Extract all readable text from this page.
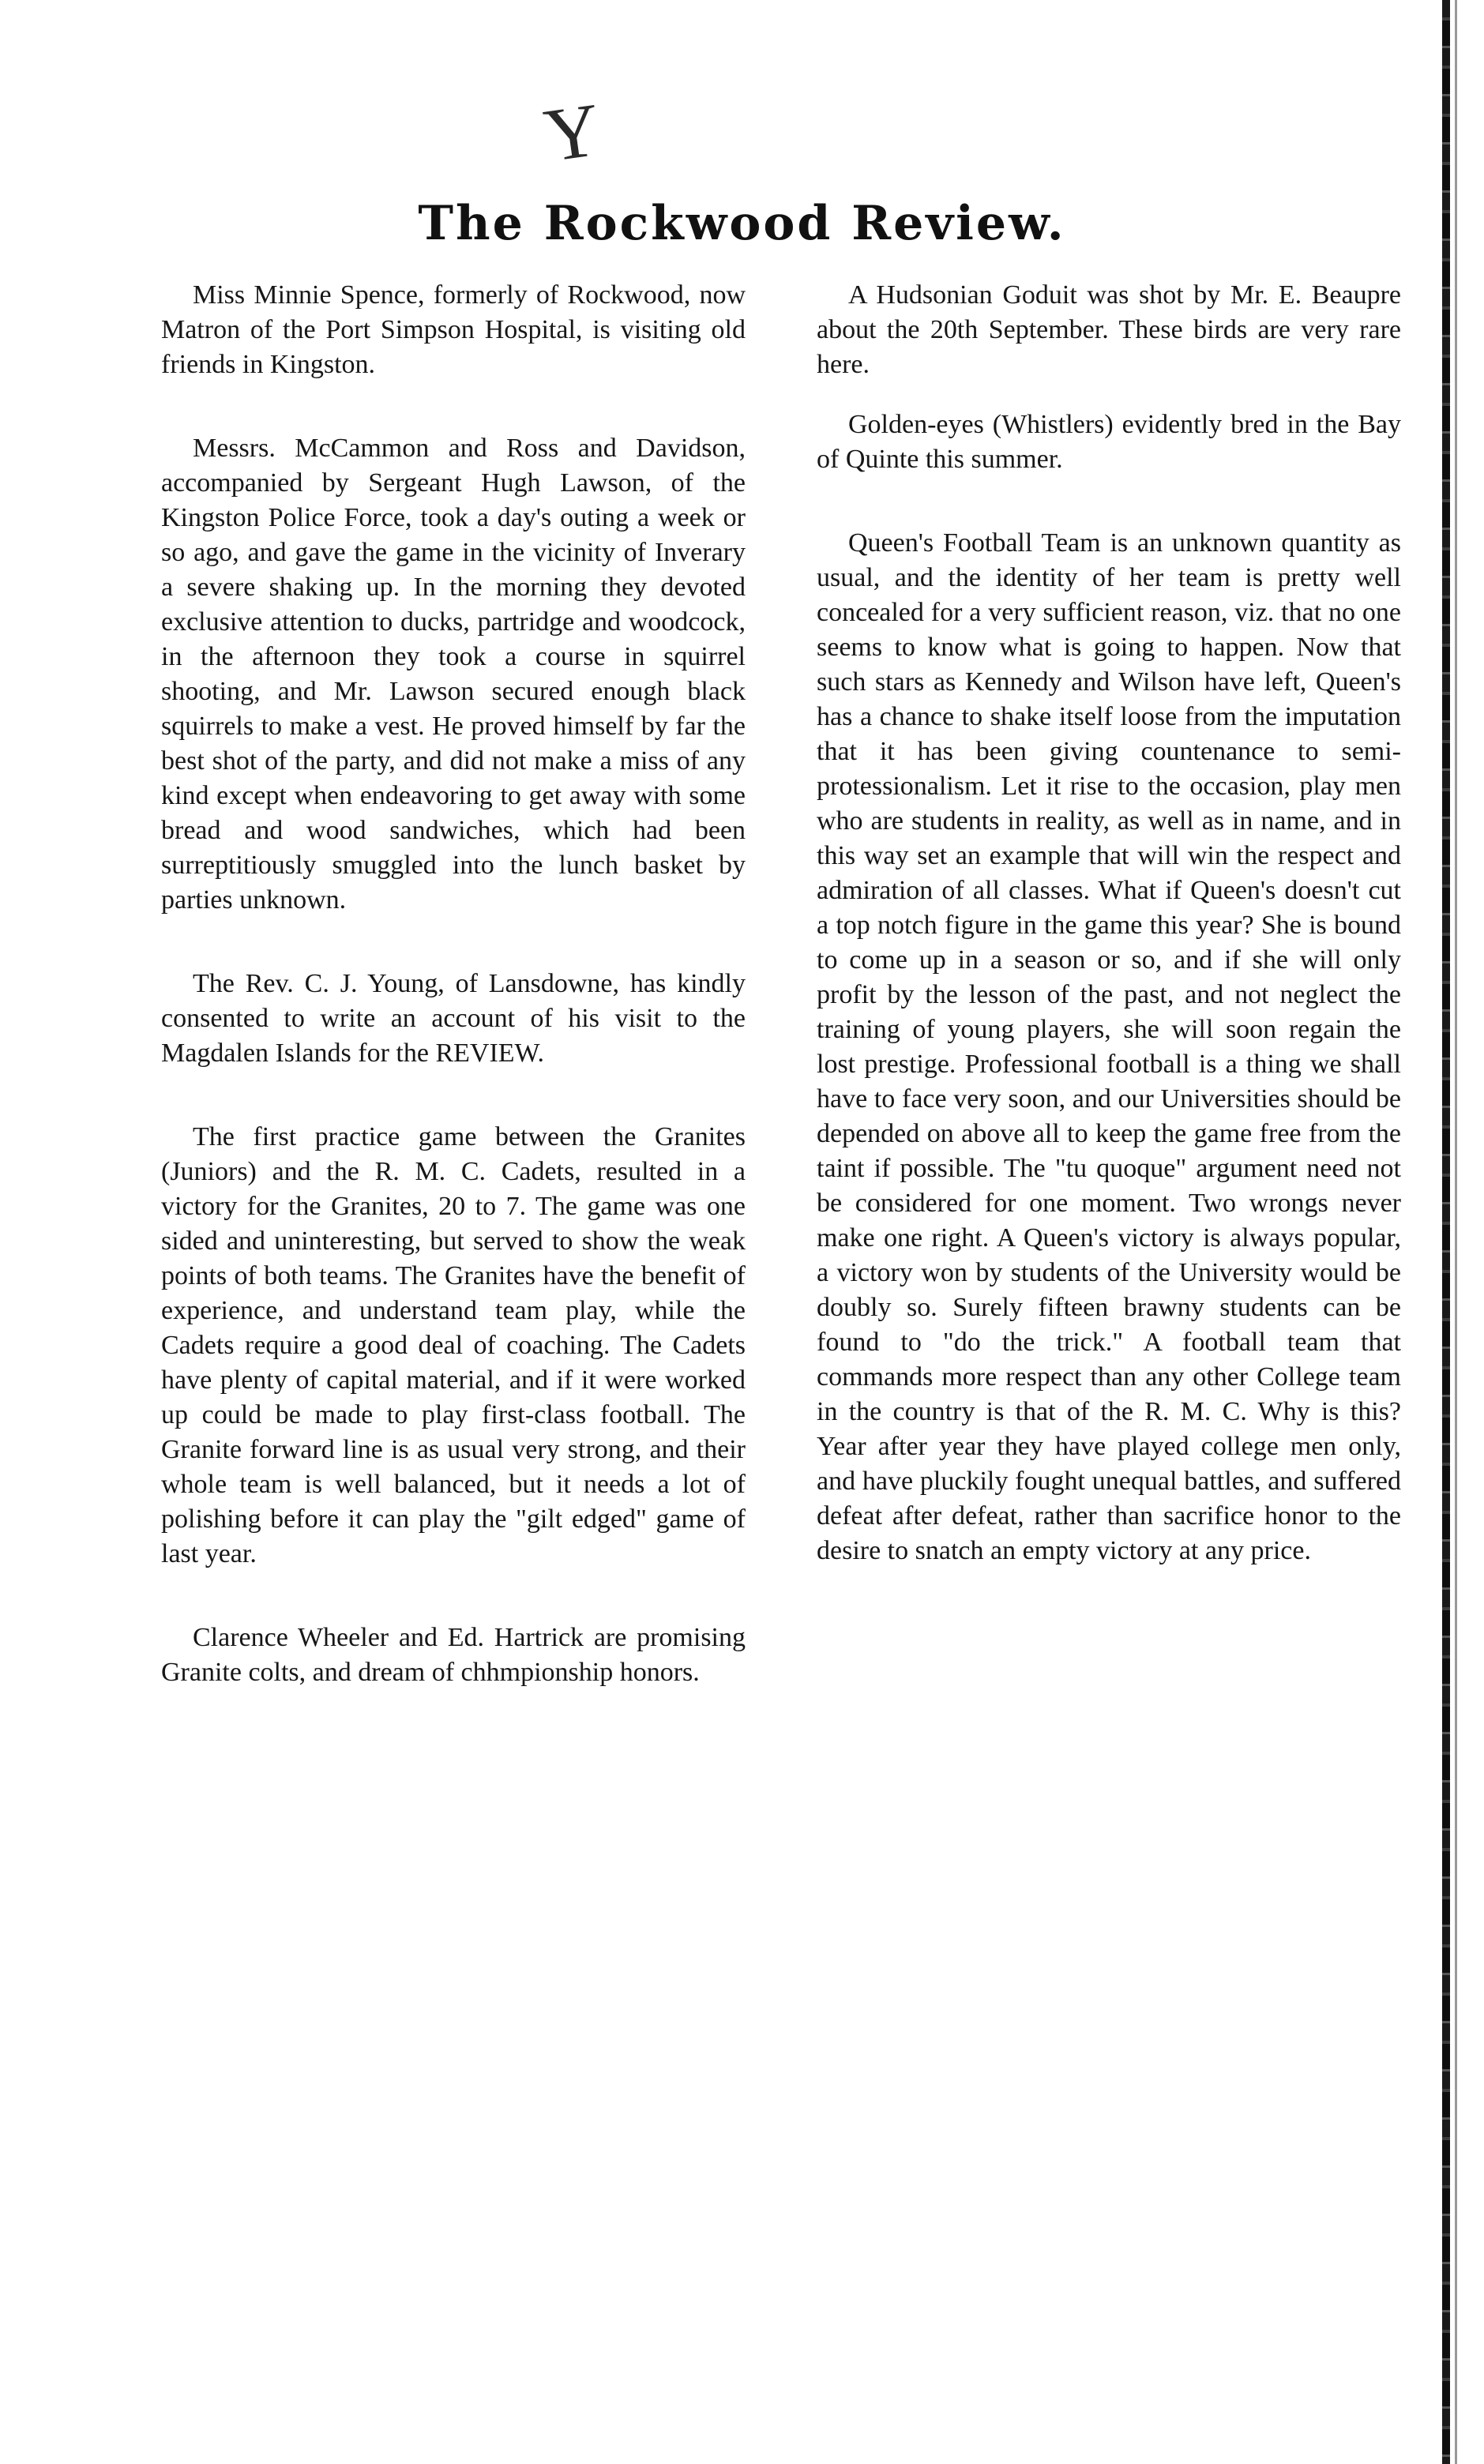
Y
The Rockwood Review.

Miss Minnie Spence, formerly of Rockwood, now Matron of the Port Simpson Hospital, is visiting old friends in Kingston.

Messrs. McCammon and Ross and Davidson, accompanied by Sergeant Hugh Lawson, of the Kingston Police Force, took a day's outing a week or so ago, and gave the game in the vicinity of Inverary a severe shaking up. In the morning they devoted exclusive attention to ducks, partridge and woodcock, in the afternoon they took a course in squirrel shooting, and Mr. Lawson secured enough black squirrels to make a vest. He proved himself by far the best shot of the party, and did not make a miss of any kind except when endeavoring to get away with some bread and wood sandwiches, which had been surreptitiously smuggled into the lunch basket by parties unknown.

The Rev. C. J. Young, of Lansdowne, has kindly consented to write an account of his visit to the Magdalen Islands for the REVIEW.

The first practice game between the Granites (Juniors) and the R. M. C. Cadets, resulted in a victory for the Granites, 20 to 7. The game was one sided and uninteresting, but served to show the weak points of both teams. The Granites have the benefit of experience, and understand team play, while the Cadets require a good deal of coaching. The Cadets have plenty of capital material, and if it were worked up could be made to play first-class football. The Granite forward line is as usual very strong, and their whole team is well balanced, but it needs a lot of polishing before it can play the "gilt edged" game of last year.

Clarence Wheeler and Ed. Hartrick are promising Granite colts, and dream of chhmpionship honors.

A Hudsonian Goduit was shot by Mr. E. Beaupre about the 20th September. These birds are very rare here.

Golden-eyes (Whistlers) evidently bred in the Bay of Quinte this summer.

Queen's Football Team is an unknown quantity as usual, and the identity of her team is pretty well concealed for a very sufficient reason, viz. that no one seems to know what is going to happen. Now that such stars as Kennedy and Wilson have left, Queen's has a chance to shake itself loose from the imputation that it has been giving countenance to semi-protessionalism. Let it rise to the occasion, play men who are students in reality, as well as in name, and in this way set an example that will win the respect and admiration of all classes. What if Queen's doesn't cut a top notch figure in the game this year? She is bound to come up in a season or so, and if she will only profit by the lesson of the past, and not neglect the training of young players, she will soon regain the lost prestige. Professional football is a thing we shall have to face very soon, and our Universities should be depended on above all to keep the game free from the taint if possible. The "tu quoque" argument need not be considered for one moment. Two wrongs never make one right. A Queen's victory is always popular, a victory won by students of the University would be doubly so. Surely fifteen brawny students can be found to "do the trick." A football team that commands more respect than any other College team in the country is that of the R. M. C. Why is this? Year after year they have played college men only, and have pluckily fought unequal battles, and suffered defeat after defeat, rather than sacrifice honor to the desire to snatch an empty victory at any price.
